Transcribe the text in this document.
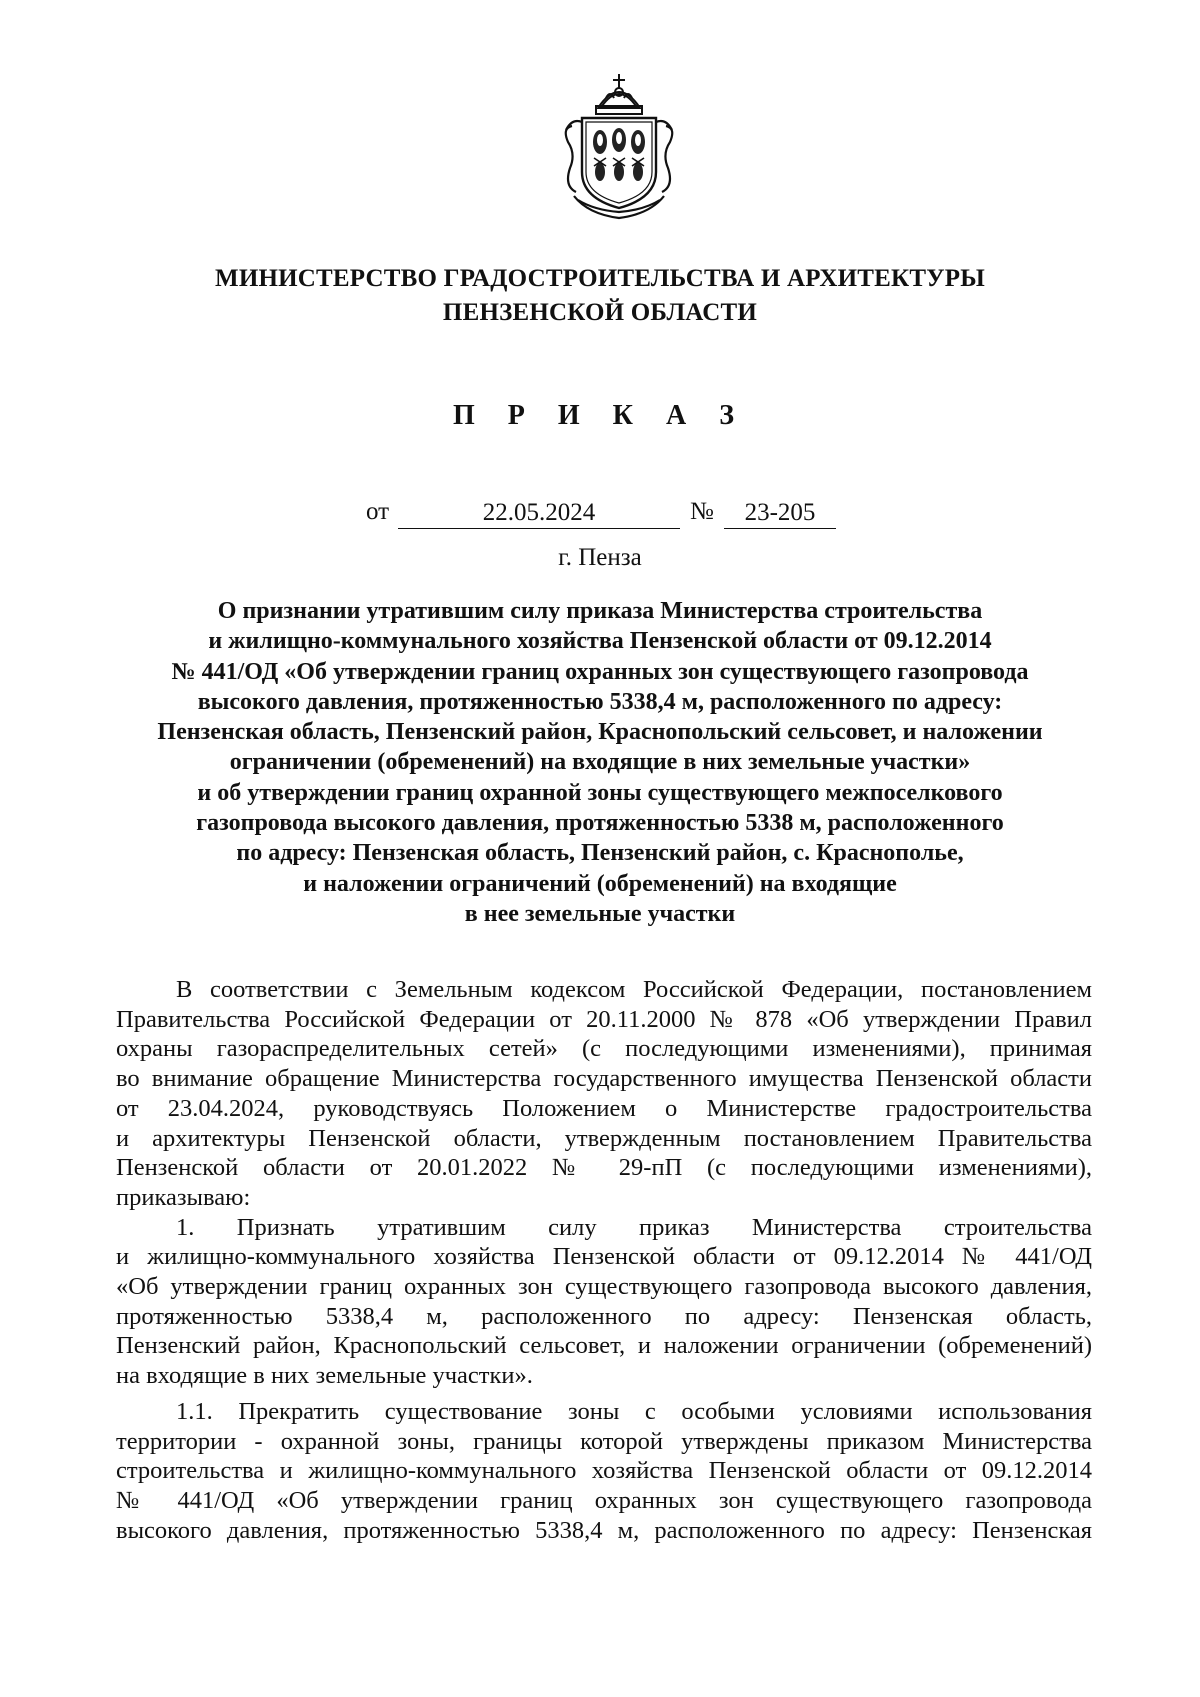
МИНИСТЕРСТВО ГРАДОСТРОИТЕЛЬСТВА И АРХИТЕКТУРЫ
ПЕНЗЕНСКОЙ ОБЛАСТИ
П Р И К А З
от	22.05.2024	№	23-205
г. Пенза
О признании утратившим силу приказа Министерства строительства
и жилищно-коммунального хозяйства Пензенской области от 09.12.2014
№ 441/ОД «Об утверждении границ охранных зон существующего газопровода
высокого давления, протяженностью 5338,4 м, расположенного по адресу:
Пензенская область, Пензенский район, Краснопольский сельсовет, и наложении
ограничении (обременений) на входящие в них земельные участки»
и об утверждении границ охранной зоны существующего межпоселкового
газопровода высокого давления, протяженностью 5338 м, расположенного
по адресу: Пензенская область, Пензенский район, с. Краснополье,
и наложении ограничений (обременений) на входящие
в нее земельные участки
В соответствии с Земельным кодексом Российской Федерации, постановлением
Правительства Российской Федерации от 20.11.2000 № 878 «Об утверждении Правил
охраны газораспределительных сетей» (с последующими изменениями), принимая
во внимание обращение Министерства государственного имущества Пензенской области
от 23.04.2024, руководствуясь Положением о Министерстве градостроительства
и архитектуры Пензенской области, утвержденным постановлением Правительства
Пензенской области от 20.01.2022 № 29-пП (с последующими изменениями),
приказываю:
1. Признать утратившим силу приказ Министерства строительства
и жилищно-коммунального хозяйства Пензенской области от 09.12.2014 № 441/ОД
«Об утверждении границ охранных зон существующего газопровода высокого давления,
протяженностью 5338,4 м, расположенного по адресу: Пензенская область,
Пензенский район, Краснопольский сельсовет, и наложении ограничении (обременений)
на входящие в них земельные участки».
1.1. Прекратить существование зоны с особыми условиями использования
территории - охранной зоны, границы которой утверждены приказом Министерства
строительства и жилищно-коммунального хозяйства Пензенской области от 09.12.2014
№ 441/ОД «Об утверждении границ охранных зон существующего газопровода
высокого давления, протяженностью 5338,4 м, расположенного по адресу: Пензенская
